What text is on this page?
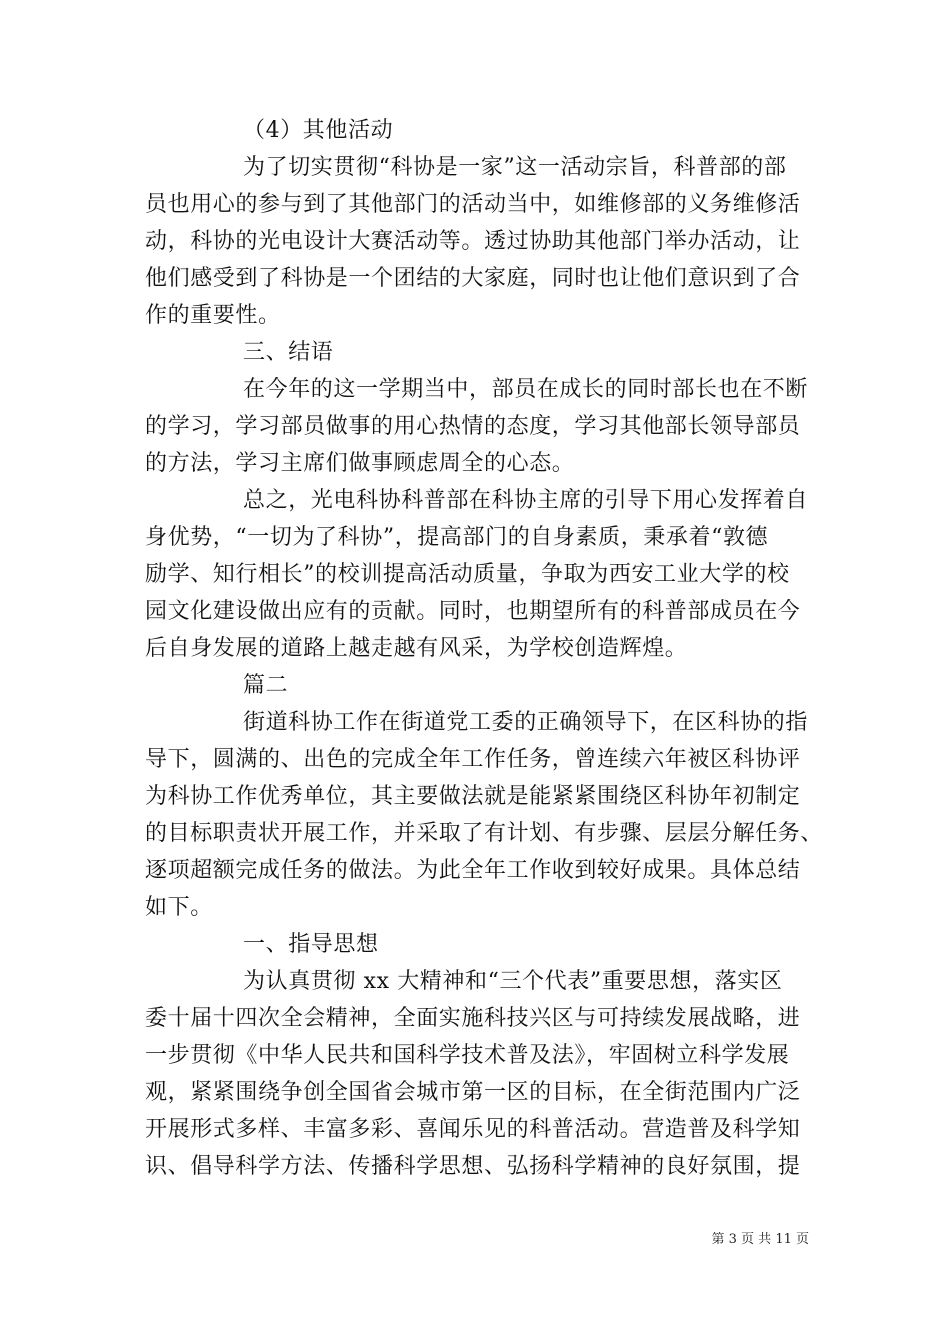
（4）其他活动
为了切实贯彻“科协是一家”这一活动宗旨，科普部的部
员也用心的参与到了其他部门的活动当中，如维修部的义务维修活
动，科协的光电设计大赛活动等。透过协助其他部门举办活动，让
他们感受到了科协是一个团结的大家庭，同时也让他们意识到了合
作的重要性。
三、结语
在今年的这一学期当中，部员在成长的同时部长也在不断
的学习，学习部员做事的用心热情的态度，学习其他部长领导部员
的方法，学习主席们做事顾虑周全的心态。
总之，光电科协科普部在科协主席的引导下用心发挥着自
身优势，“一切为了科协”，提高部门的自身素质，秉承着“敦德
励学、知行相长”的校训提高活动质量，争取为西安工业大学的校
园文化建设做出应有的贡献。同时，也期望所有的科普部成员在今
后自身发展的道路上越走越有风采，为学校创造辉煌。
篇二
街道科协工作在街道党工委的正确领导下，在区科协的指
导下，圆满的、出色的完成全年工作任务，曾连续六年被区科协评
为科协工作优秀单位，其主要做法就是能紧紧围绕区科协年初制定
的目标职责状开展工作，并采取了有计划、有步骤、层层分解任务、
逐项超额完成任务的做法。为此全年工作收到较好成果。具体总结
如下。
一、指导思想
为认真贯彻 xx 大精神和“三个代表”重要思想，落实区
委十届十四次全会精神，全面实施科技兴区与可持续发展战略，进
一步贯彻《中华人民共和国科学技术普及法》，牢固树立科学发展
观，紧紧围绕争创全国省会城市第一区的目标，在全街范围内广泛
开展形式多样、丰富多彩、喜闻乐见的科普活动。营造普及科学知
识、倡导科学方法、传播科学思想、弘扬科学精神的良好氛围，提
第 3 页 共 11 页
